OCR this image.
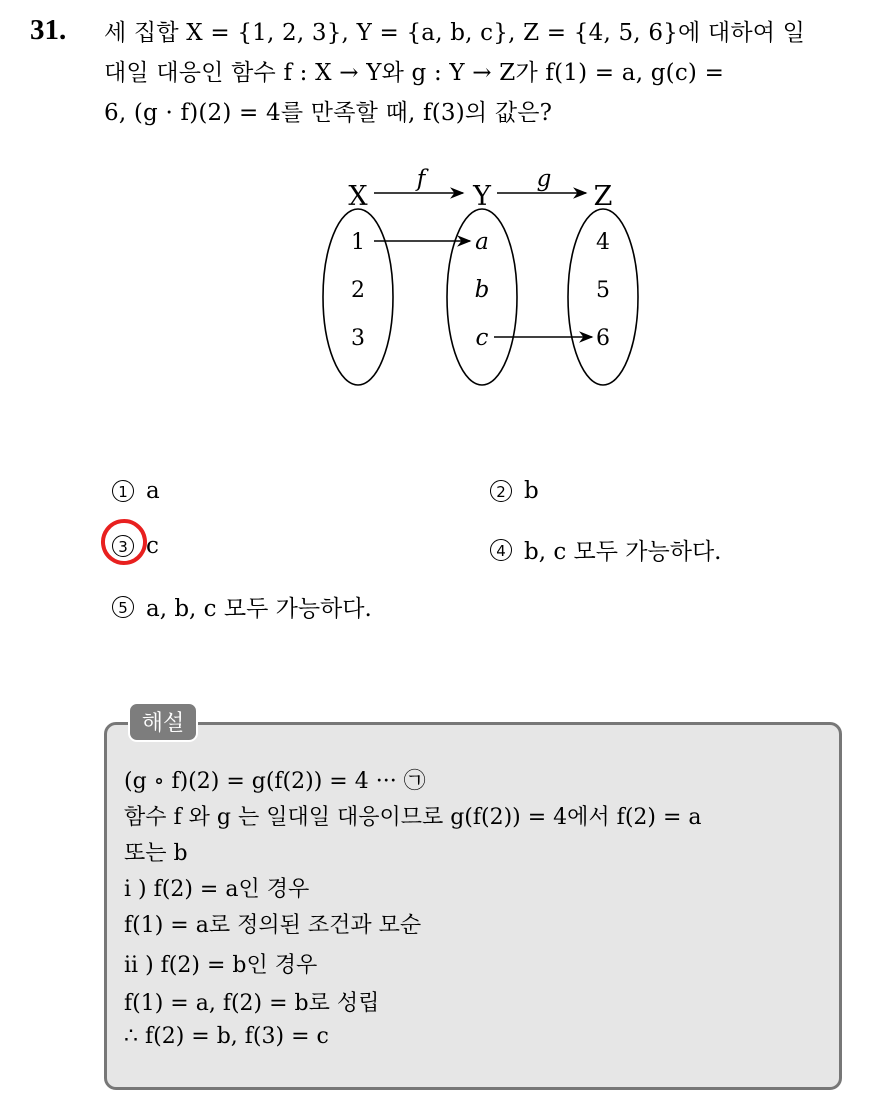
31. 세 집합 X = {1, 2, 3}, Y = {a, b, c}, Z = {4, 5, 6}에 대하여 일
대일 대응인 함수 f : X → Y와 g : Y → Z가 f(1) = a, g(c) =
6, (g · f)(2) = 4를 만족할 때, f(3)의 값은?
X	Y	Z
f	g
1
2
3
4
5
6
a
b
c
1 a	2 b
3 c	4 b, c 모두 가능하다.
5 a, b, c 모두 가능하다.
해설
(g ∘ f)(2) = g(f(2)) = 4 ··· ㉠
함수 f 와 g 는 일대일 대응이므로 g(f(2)) = 4에서 f(2) = a
또는 b
i ) f(2) = a인 경우
f(1) = a로 정의된 조건과 모순
ii ) f(2) = b인 경우
f(1) = a, f(2) = b로 성립
∴ f(2) = b, f(3) = c
